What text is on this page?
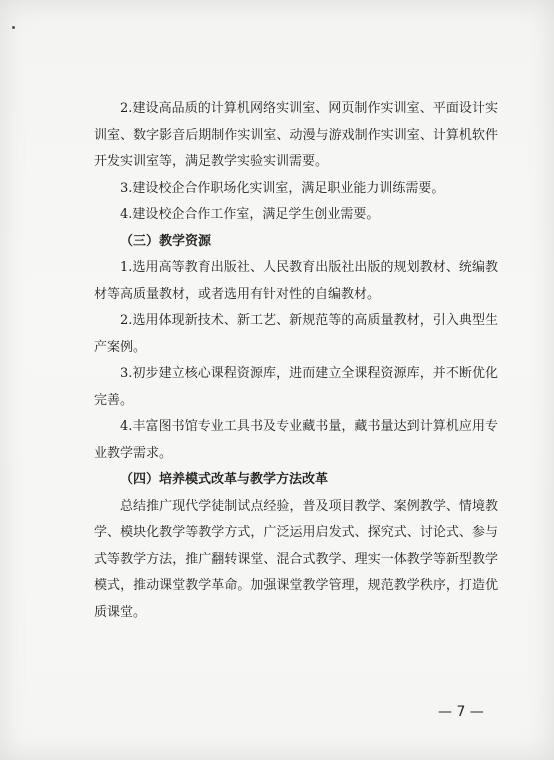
2.建设高品质的计算机网络实训室、网页制作实训室、平面设计实训室、数字影音后期制作实训室、动漫与游戏制作实训室、计算机软件开发实训室等，满足教学实验实训需要。

3.建设校企合作职场化实训室，满足职业能力训练需要。

4.建设校企合作工作室，满足学生创业需要。

（三）教学资源

1.选用高等教育出版社、人民教育出版社出版的规划教材、统编教材等高质量教材，或者选用有针对性的自编教材。

2.选用体现新技术、新工艺、新规范等的高质量教材，引入典型生产案例。

3.初步建立核心课程资源库，进而建立全课程资源库，并不断优化完善。

4.丰富图书馆专业工具书及专业藏书量，藏书量达到计算机应用专业教学需求。

（四）培养模式改革与教学方法改革

总结推广现代学徒制试点经验，普及项目教学、案例教学、情境教学、模块化教学等教学方式，广泛运用启发式、探究式、讨论式、参与式等教学方法，推广翻转课堂、混合式教学、理实一体教学等新型教学模式，推动课堂教学革命。加强课堂教学管理，规范教学秩序，打造优质课堂。

— 7 —
